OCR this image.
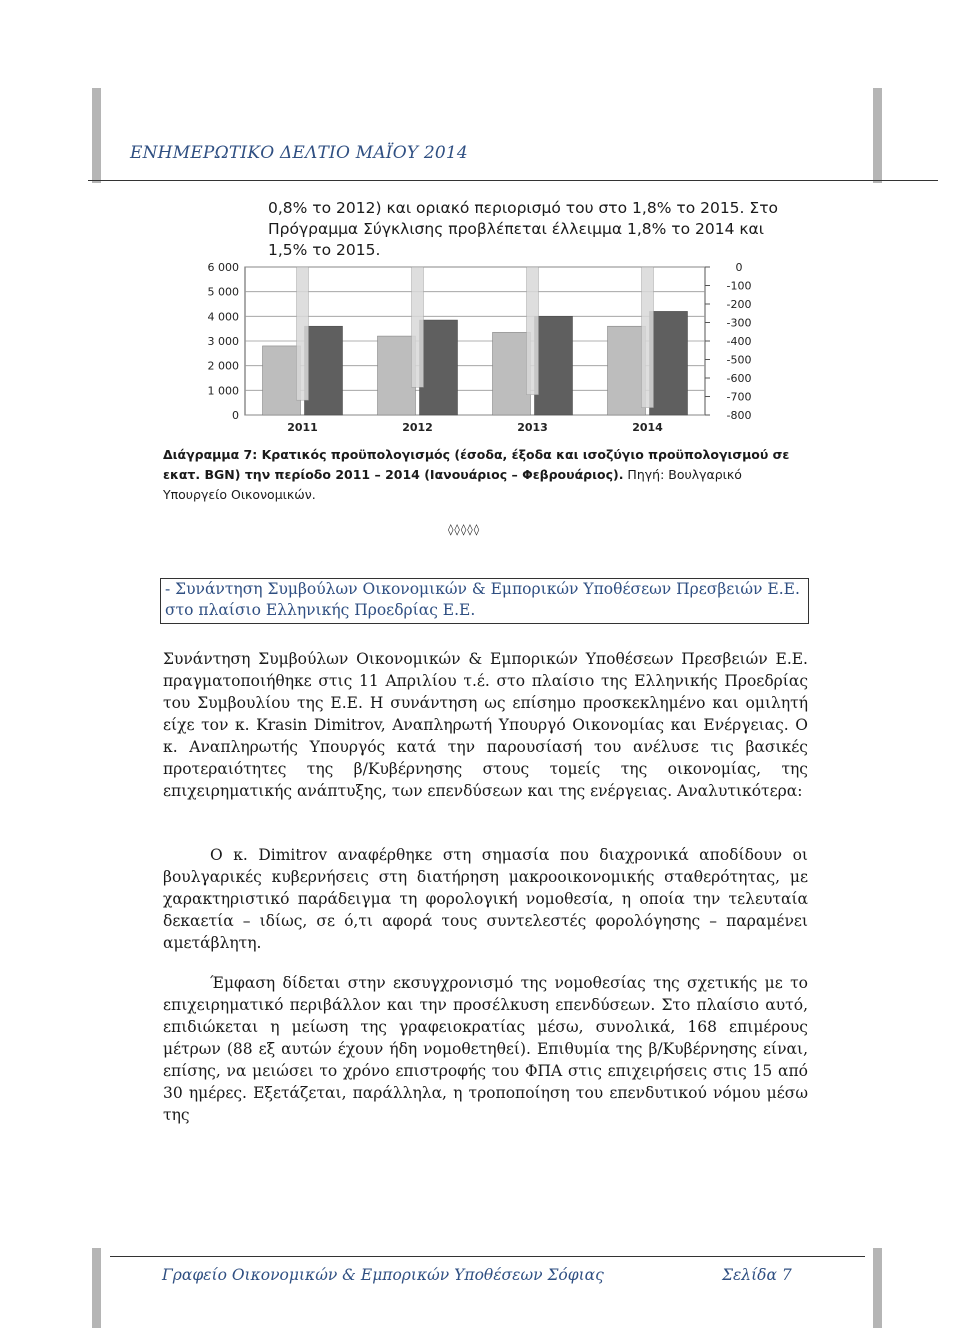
ΕΝΗΜΕΡΩΤΙΚΟ ΔΕΛΤΙΟ ΜΑΪΟΥ 2014

0,8% το 2012) και οριακό περιορισμό του στο 1,8% το 2015. Στο Πρόγραμμα Σύγκλισης προβλέπεται έλλειμμα 1,8% το 2014 και 1,5% το 2015.

6 000
5 000
4 000
3 000
2 000
1 000
0
0
-100
-200
-300
-400
-500
-600
-700
-800
2011	2012	2013	2014
Διάγραμμα 7: Κρατικός προϋπολογισμός (έσοδα, έξοδα και ισοζύγιο προϋπολογισμού σε εκατ. BGN) την περίοδο 2011 – 2014 (Ιανουάριος – Φεβρουάριος). Πηγή: Βουλγαρικό Υπουργείο Οικονομικών.
◊◊◊◊◊
- Συνάντηση Συμβούλων Οικονομικών & Εμπορικών Υποθέσεων Πρεσβειών Ε.Ε. στο πλαίσιο Ελληνικής Προεδρίας Ε.Ε.

Συνάντηση Συμβούλων Οικονομικών & Εμπορικών Υποθέσεων Πρεσβειών Ε.Ε. πραγματοποιήθηκε στις 11 Απριλίου τ.έ. στο πλαίσιο της Ελληνικής Προεδρίας του Συμβουλίου της Ε.Ε. Η συνάντηση ως επίσημο προσκεκλημένο και ομιλητή είχε τον κ. Krasin Dimitrov, Αναπληρωτή Υπουργό Οικονομίας και Ενέργειας. Ο κ. Αναπληρωτής Υπουργός κατά την παρουσίασή του ανέλυσε τις βασικές προτεραιότητες της β/Κυβέρνησης στους τομείς της οικονομίας, της επιχειρηματικής ανάπτυξης, των επενδύσεων και της ενέργειας. Αναλυτικότερα:

Ο κ. Dimitrov αναφέρθηκε στη σημασία που διαχρονικά αποδίδουν οι βουλγαρικές κυβερνήσεις στη διατήρηση μακροοικονομικής σταθερότητας, με χαρακτηριστικό παράδειγμα τη φορολογική νομοθεσία, η οποία την τελευταία δεκαετία – ιδίως, σε ό,τι αφορά τους συντελεστές φορολόγησης – παραμένει αμετάβλητη.

Έμφαση δίδεται στην εκσυγχρονισμό της νομοθεσίας της σχετικής με το επιχειρηματικό περιβάλλον και την προσέλκυση επενδύσεων. Στο πλαίσιο αυτό, επιδιώκεται η μείωση της γραφειοκρατίας μέσω, συνολικά, 168 επιμέρους μέτρων (88 εξ αυτών έχουν ήδη νομοθετηθεί). Επιθυμία της β/Κυβέρνησης είναι, επίσης, να μειώσει το χρόνο επιστροφής του ΦΠΑ στις επιχειρήσεις στις 15 από 30 ημέρες. Εξετάζεται, παράλληλα, η τροποποίηση του επενδυτικού νόμου μέσω της

Γραφείο Οικονομικών & Εμπορικών Υποθέσεων Σόφιας	Σελίδα 7
